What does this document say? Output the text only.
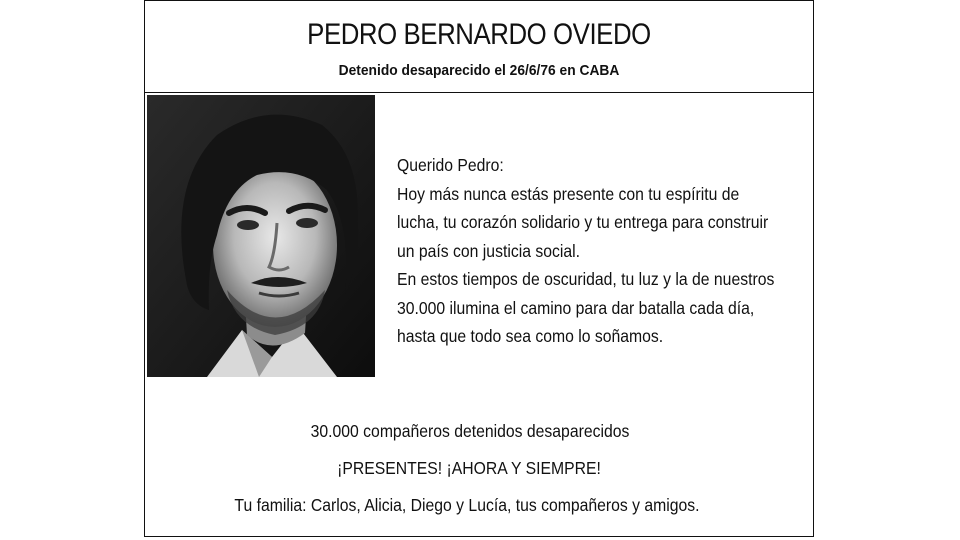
PEDRO BERNARDO OVIEDO
Detenido desaparecido el 26/6/76 en CABA
Querido Pedro:
Hoy más nunca estás presente con tu espíritu de
lucha, tu corazón solidario y tu entrega para construir
un país con justicia social.
En estos tiempos de oscuridad, tu luz y la de nuestros
30.000 ilumina el camino para dar batalla cada día,
hasta que todo sea como lo soñamos.
30.000 compañeros detenidos desaparecidos
¡PRESENTES! ¡AHORA Y SIEMPRE!
Tu familia: Carlos, Alicia, Diego y Lucía, tus compañeros y amigos.
